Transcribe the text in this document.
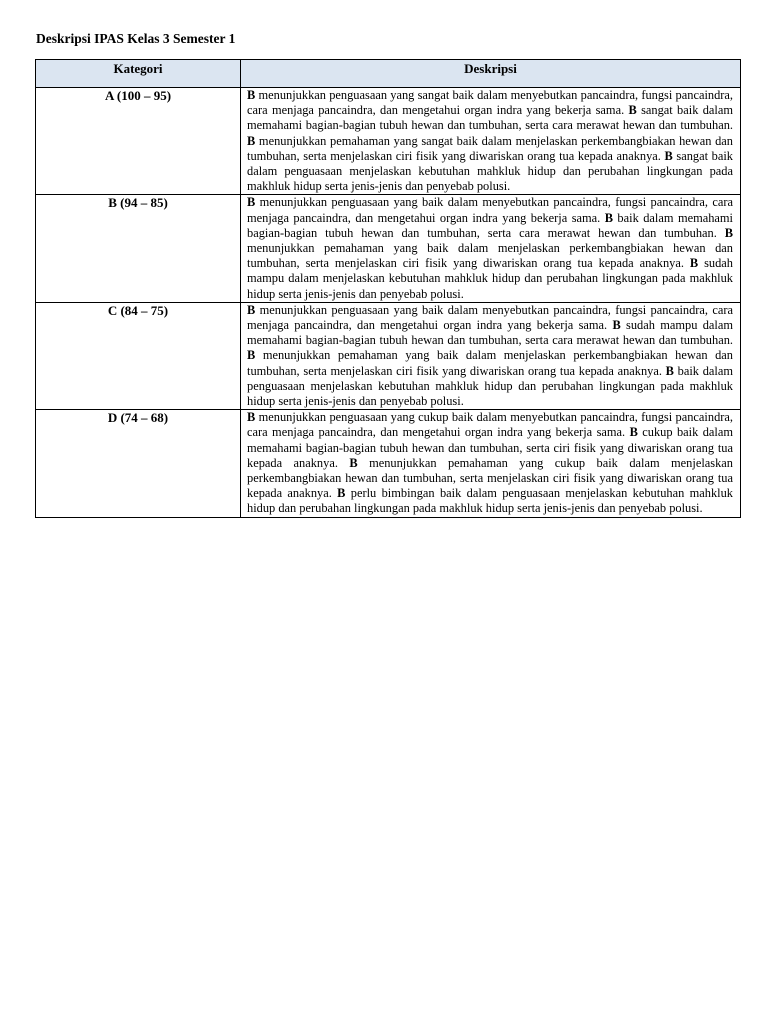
Deskripsi IPAS Kelas 3 Semester 1
Kategori	Deskripsi
A (100 – 95)	B menunjukkan penguasaan yang sangat baik dalam menyebutkan pancaindra, fungsi pancaindra, cara menjaga pancaindra, dan mengetahui organ indra yang bekerja sama. B sangat baik dalam memahami bagian-bagian tubuh hewan dan tumbuhan, serta cara merawat hewan dan tumbuhan. B menunjukkan pemahaman yang sangat baik dalam menjelaskan perkembangbiakan hewan dan tumbuhan, serta menjelaskan ciri fisik yang diwariskan orang tua kepada anaknya. B sangat baik dalam penguasaan menjelaskan kebutuhan mahkluk hidup dan perubahan lingkungan pada makhluk hidup serta jenis-jenis dan penyebab polusi.
B (94 – 85)	B menunjukkan penguasaan yang baik dalam menyebutkan pancaindra, fungsi pancaindra, cara menjaga pancaindra, dan mengetahui organ indra yang bekerja sama. B baik dalam memahami bagian-bagian tubuh hewan dan tumbuhan, serta cara merawat hewan dan tumbuhan. B menunjukkan pemahaman yang baik dalam menjelaskan perkembangbiakan hewan dan tumbuhan, serta menjelaskan ciri fisik yang diwariskan orang tua kepada anaknya. B sudah mampu dalam menjelaskan kebutuhan mahkluk hidup dan perubahan lingkungan pada makhluk hidup serta jenis-jenis dan penyebab polusi.
C (84 – 75)	B menunjukkan penguasaan yang baik dalam menyebutkan pancaindra, fungsi pancaindra, cara menjaga pancaindra, dan mengetahui organ indra yang bekerja sama. B sudah mampu dalam memahami bagian-bagian tubuh hewan dan tumbuhan, serta cara merawat hewan dan tumbuhan. B menunjukkan pemahaman yang baik dalam menjelaskan perkembangbiakan hewan dan tumbuhan, serta menjelaskan ciri fisik yang diwariskan orang tua kepada anaknya. B baik dalam penguasaan menjelaskan kebutuhan mahkluk hidup dan perubahan lingkungan pada makhluk hidup serta jenis-jenis dan penyebab polusi.
D (74 – 68)	B menunjukkan penguasaan yang cukup baik dalam menyebutkan pancaindra, fungsi pancaindra, cara menjaga pancaindra, dan mengetahui organ indra yang bekerja sama. B cukup baik dalam memahami bagian-bagian tubuh hewan dan tumbuhan, serta ciri fisik yang diwariskan orang tua kepada anaknya. B menunjukkan pemahaman yang cukup baik dalam menjelaskan perkembangbiakan hewan dan tumbuhan, serta menjelaskan ciri fisik yang diwariskan orang tua kepada anaknya. B perlu bimbingan baik dalam penguasaan menjelaskan kebutuhan mahkluk hidup dan perubahan lingkungan pada makhluk hidup serta jenis-jenis dan penyebab polusi.
